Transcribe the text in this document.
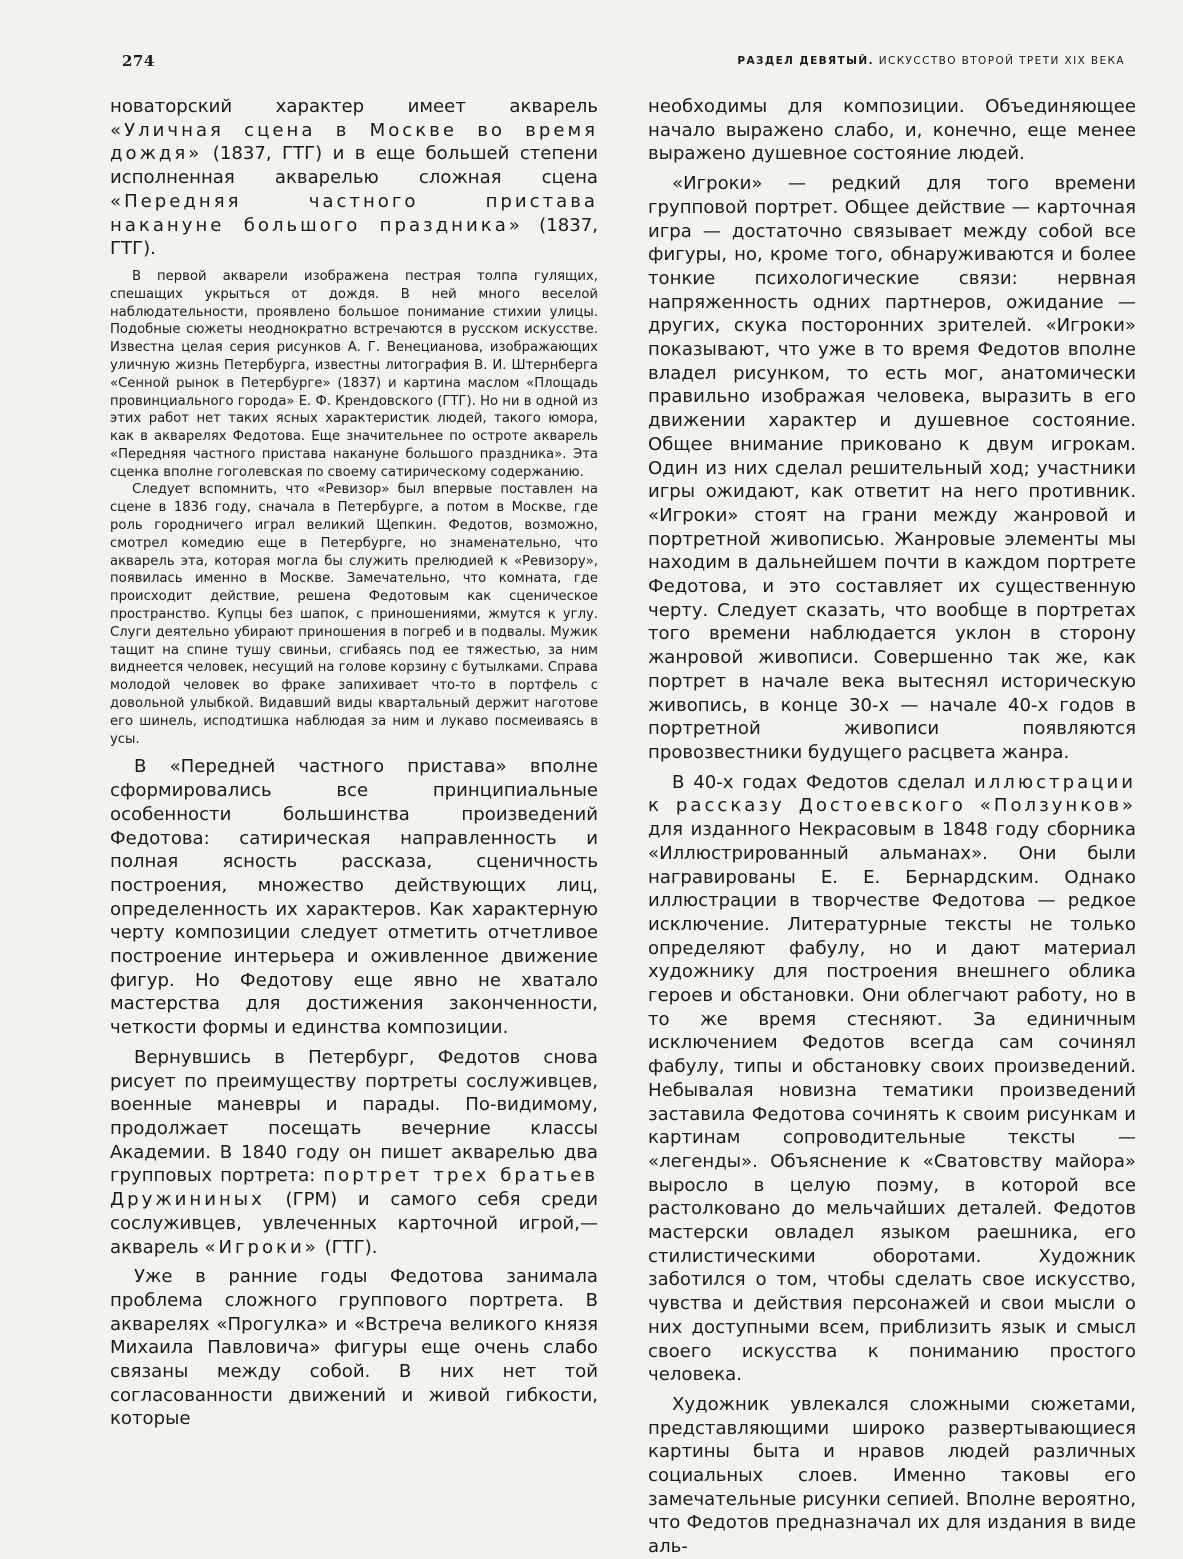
274	РАЗДЕЛ ДЕВЯТЫЙ. ИСКУССТВО ВТОРОЙ ТРЕТИ XIX ВЕКА

новаторский характер имеет акварель «Уличная сцена в Москве во время дождя» (1837, ГТГ) и в еще большей степени исполненная акварелью сложная сцена «Передняя частного пристава накануне большого праздника» (1837, ГТГ).

В первой акварели изображена пестрая толпа гулящих, спешащих укрыться от дождя. В ней много веселой наблюдательности, проявлено большое понимание стихии улицы. Подобные сюжеты неоднократно встречаются в русском искусстве. Известна целая серия рисунков А. Г. Венецианова, изображающих уличную жизнь Петербурга, известны литография В. И. Штернберга «Сенной рынок в Петербурге» (1837) и картина маслом «Площадь провинциального города» Е. Ф. Крендовского (ГТГ). Но ни в одной из этих работ нет таких ясных характеристик людей, такого юмора, как в акварелях Федотова. Еще значительнее по остроте акварель «Передняя частного пристава накануне большого праздника». Эта сценка вполне гоголевская по своему сатирическому содержанию.

Следует вспомнить, что «Ревизор» был впервые поставлен на сцене в 1836 году, сначала в Петербурге, а потом в Москве, где роль городничего играл великий Щепкин. Федотов, возможно, смотрел комедию еще в Петербурге, но знаменательно, что акварель эта, которая могла бы служить прелюдией к «Ревизору», появилась именно в Москве. Замечательно, что комната, где происходит действие, решена Федотовым как сценическое пространство. Купцы без шапок, с приношениями, жмутся к углу. Слуги деятельно убирают приношения в погреб и в подвалы. Мужик тащит на спине тушу свиньи, сгибаясь под ее тяжестью, за ним виднеется человек, несущий на голове корзину с бутылками. Справа молодой человек во фраке запихивает что-то в портфель с довольной улыбкой. Видавший виды квартальный держит наготове его шинель, исподтишка наблюдая за ним и лукаво посмеиваясь в усы.

В «Передней частного пристава» вполне сформировались все принципиальные особенности большинства произведений Федотова: сатирическая направленность и полная ясность рассказа, сценичность построения, множество действующих лиц, определенность их характеров. Как характерную черту композиции следует отметить отчетливое построение интерьера и оживленное движение фигур. Но Федотову еще явно не хватало мастерства для достижения законченности, четкости формы и единства композиции.

Вернувшись в Петербург, Федотов снова рисует по преимуществу портреты сослуживцев, военные маневры и парады. По-видимому, продолжает посещать вечерние классы Академии. В 1840 году он пишет акварелью два групповых портрета: портрет трех братьев Дружининых (ГРМ) и самого себя среди сослуживцев, увлеченных карточной игрой,— акварель «Игроки» (ГТГ).

Уже в ранние годы Федотова занимала проблема сложного группового портрета. В акварелях «Прогулка» и «Встреча великого князя Михаила Павловича» фигуры еще очень слабо связаны между собой. В них нет той согласованности движений и живой гибкости, которые

необходимы для композиции. Объединяющее начало выражено слабо, и, конечно, еще менее выражено душевное состояние людей.

«Игроки» — редкий для того времени групповой портрет. Общее действие — карточная игра — достаточно связывает между собой все фигуры, но, кроме того, обнаруживаются и более тонкие психологические связи: нервная напряженность одних партнеров, ожидание — других, скука посторонних зрителей. «Игроки» показывают, что уже в то время Федотов вполне владел рисунком, то есть мог, анатомически правильно изображая человека, выразить в его движении характер и душевное состояние. Общее внимание приковано к двум игрокам. Один из них сделал решительный ход; участники игры ожидают, как ответит на него противник. «Игроки» стоят на грани между жанровой и портретной живописью. Жанровые элементы мы находим в дальнейшем почти в каждом портрете Федотова, и это составляет их существенную черту. Следует сказать, что вообще в портретах того времени наблюдается уклон в сторону жанровой живописи. Совершенно так же, как портрет в начале века вытеснял историческую живопись, в конце 30-х — начале 40-х годов в портретной живописи появляются провозвестники будущего расцвета жанра.

В 40-х годах Федотов сделал иллюстрации к рассказу Достоевского «Ползунков» для изданного Некрасовым в 1848 году сборника «Иллюстрированный альманах». Они были награвированы Е. Е. Бернардским. Однако иллюстрации в творчестве Федотова — редкое исключение. Литературные тексты не только определяют фабулу, но и дают материал художнику для построения внешнего облика героев и обстановки. Они облегчают работу, но в то же время стесняют. За единичным исключением Федотов всегда сам сочинял фабулу, типы и обстановку своих произведений. Небывалая новизна тематики произведений заставила Федотова сочинять к своим рисункам и картинам сопроводительные тексты — «легенды». Объяснение к «Сватовству майора» выросло в целую поэму, в которой все растолковано до мельчайших деталей. Федотов мастерски овладел языком раешника, его стилистическими оборотами. Художник заботился о том, чтобы сделать свое искусство, чувства и действия персонажей и свои мысли о них доступными всем, приблизить язык и смысл своего искусства к пониманию простого человека.

Художник увлекался сложными сюжетами, представляющими широко развертывающиеся картины быта и нравов людей различных социальных слоев. Именно таковы его замечательные рисунки сепией. Вполне вероятно, что Федотов предназначал их для издания в виде аль-
